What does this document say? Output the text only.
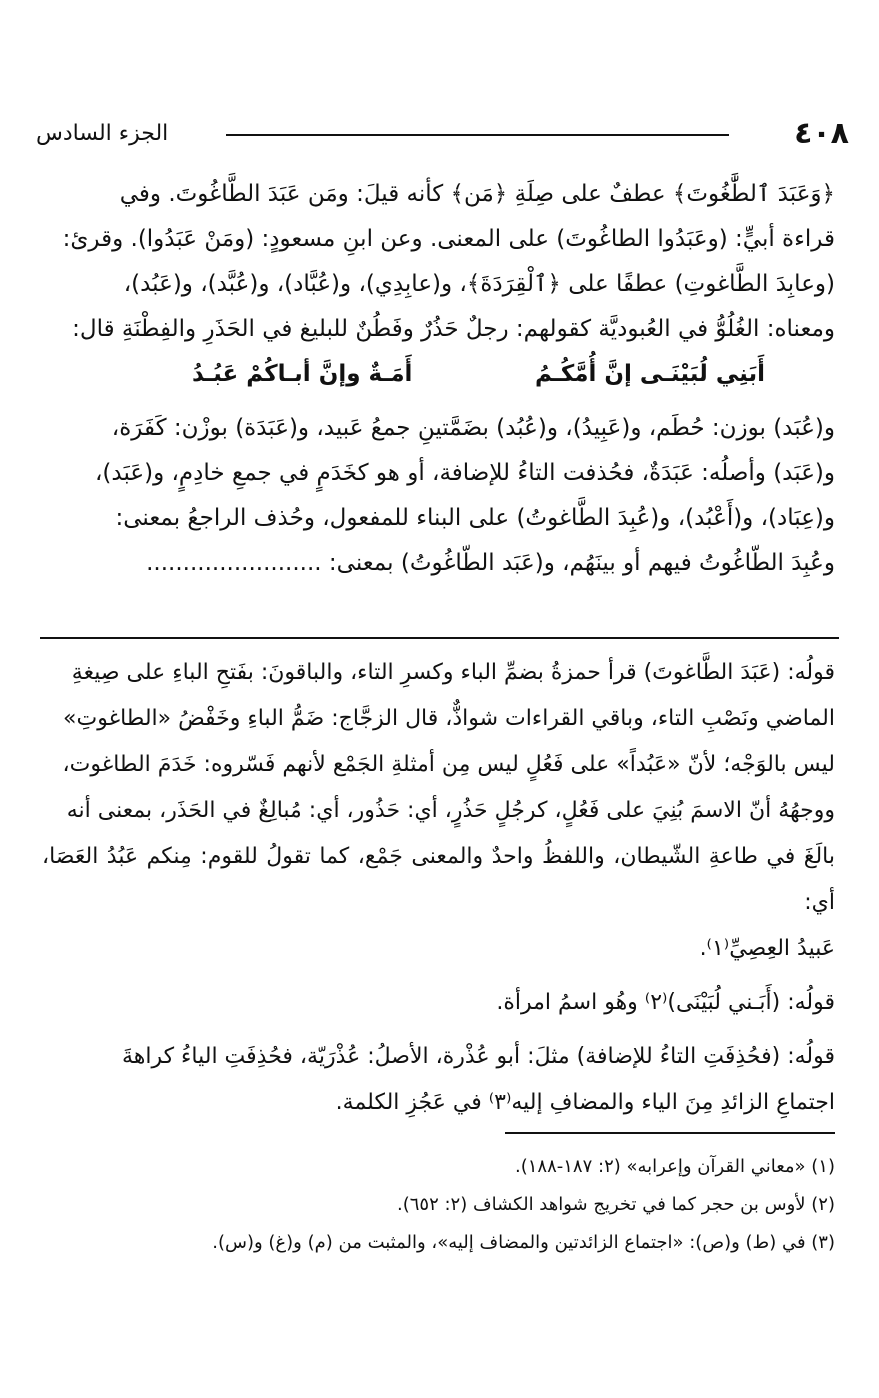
٤٠٨
الجزء السادس

﴿وَعَبَدَ ٱلطَّٰغُوتَ﴾ عطفٌ على صِلَةِ ﴿مَن﴾ كأنه قيلَ: ومَن عَبَدَ الطَّاغُوتَ. وفي

قراءة أبيٍّ: (وعَبَدُوا الطاغُوتَ) على المعنى. وعن ابنِ مسعودٍ: (ومَنْ عَبَدُوا). وقرئ:

(وعابِدَ الطَّاغوتِ) عطفًا على ﴿ٱلْقِرَدَةَ﴾، و(عابِدِي)، و(عُبَّاد)، و(عُبَّد)، و(عَبُد)،

ومعناه: الغُلُوُّ في العُبوديَّة كقولهم: رجلٌ حَذُرٌ وفَطُنٌ للبليغ في الحَذَرِ والفِطْنَةِ قال:

أَبَنِي لُبَيْنَـى إنَّ أُمَّكُـمُ
أَمَـةٌ وإنَّ أبـاكُمْ عَبُـدُ

و(عُبَد) بوزن: حُطَم، و(عَبِيدُ)، و(عُبُد) بضَمَّتينِ جمعُ عَبيد، و(عَبَدَة) بوزْن: كَفَرَة،

و(عَبَد) وأصلُه: عَبَدَةٌ، فحُذفت التاءُ للإضافة، أو هو كخَدَمٍ في جمعِ خادِمٍ، و(عَبَد)،

و(عِبَاد)، و(أَعْبُد)، و(عُبِدَ الطَّاغوتُ) على البناء للمفعول، وحُذف الراجعُ بمعنى:

وعُبِدَ الطّاغُوتُ فيهم أو بينَهُم، و(عَبَد الطّاغُوتُ) بمعنى: ........................

قولُه: (عَبَدَ الطَّاغوتَ) قرأ حمزةُ بضمِّ الباء وكسرِ التاء، والباقونَ: بفَتحِ الباءِ على صِيغةِ

الماضي ونَصْبِ التاء، وباقي القراءات شواذٌّ، قال الزجَّاج: ضَمُّ الباءِ وخَفْضُ «الطاغوتِ»

ليس بالوَجْه؛ لأنّ «عَبُداً» على فَعُلٍ ليس مِن أمثلةِ الجَمْع لأنهم فَسّروه: خَدَمَ الطاغوت،

ووجهُهُ أنّ الاسمَ بُنِيَ على فَعُلٍ، كرجُلٍ حَذُرٍ، أي: حَذُور، أي: مُبالِغٌ في الحَذَر، بمعنى أنه

بالَغَ في طاعةِ الشّيطان، واللفظُ واحدٌ والمعنى جَمْع، كما تقولُ للقوم: مِنكم عَبُدُ العَصَا، أي:

عَبيدُ العِصِيِّ⁽١⁾.

قولُه: (أَبَـني لُبَيْنَى)⁽٢⁾ وهُو اسمُ امرأة.

قولُه: (فحُذِفَتِ التاءُ للإضافة) مثلَ: أبو عُذْرة، الأصلُ: عُذْرَيّة، فحُذِفَتِ الياءُ كراهةَ

اجتماعِ الزائدِ مِنَ الياء والمضافِ إليه⁽٣⁾ في عَجُزِ الكلمة.

(١) «معاني القرآن وإعرابه» (٢: ١٨٧-١٨٨).

(٢) لأوس بن حجر كما في تخريج شواهد الكشاف (٢: ٦٥٢).

(٣) في (ط) و(ص): «اجتماع الزائدتين والمضاف إليه»، والمثبت من (م) و(غ) و(س).
